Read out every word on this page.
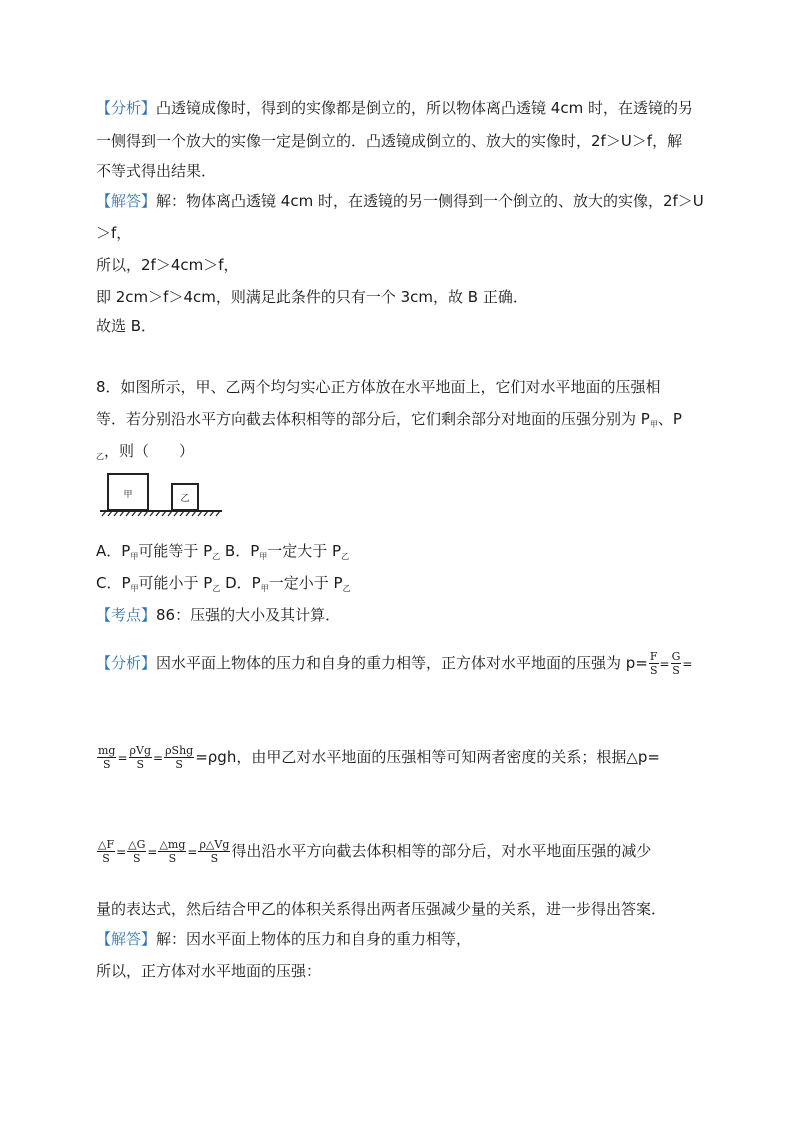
【分析】凸透镜成像时，得到的实像都是倒立的，所以物体离凸透镜 4cm 时，在透镜的另
一侧得到一个放大的实像一定是倒立的．凸透镜成倒立的、放大的实像时，2f＞U＞f，解
不等式得出结果．
【解答】解：物体离凸透镜 4cm 时，在透镜的另一侧得到一个倒立的、放大的实像，2f＞U
＞f，
所以，2f＞4cm＞f，
即 2cm＞f＞4cm，则满足此条件的只有一个 3cm，故 B 正确．
故选 B．
8．如图所示，甲、乙两个均匀实心正方体放在水平地面上，它们对水平地面的压强相
等．若分别沿水平方向截去体积相等的部分后，它们剩余部分对地面的压强分别为 $P_甲$、P
$_乙$，则（　　）
甲	乙
A．$P_甲$可能等于 $P_乙$ B．$P_甲$一定大于 $P_乙$
C．$P_甲$可能小于 $P_乙$ D．$P_甲$一定小于 $P_乙$
【考点】86：压强的大小及其计算．
【分析】因水平面上物体的压力和自身的重力相等，正方体对水平地面的压强为 $p= \frac{F}{S} = \frac{G}{S}$ =
$\frac{mg}{S} = \frac{\text{ρVg}}{S} = \frac{\text{ρShg}}{S} =\rho gh$，由甲乙对水平地面的压强相等可知两者密度的关系；根据△p=
$\frac{\triangle F}{S} = \frac{\triangle G}{S} = \frac{\triangle mg}{S} = \frac{\rho\triangle Vg}{S}$ 得出沿水平方向截去体积相等的部分后，对水平地面压强的减少
量的表达式，然后结合甲乙的体积关系得出两者压强减少量的关系，进一步得出答案．
【解答】解：因水平面上物体的压力和自身的重力相等，
所以，正方体对水平地面的压强：
